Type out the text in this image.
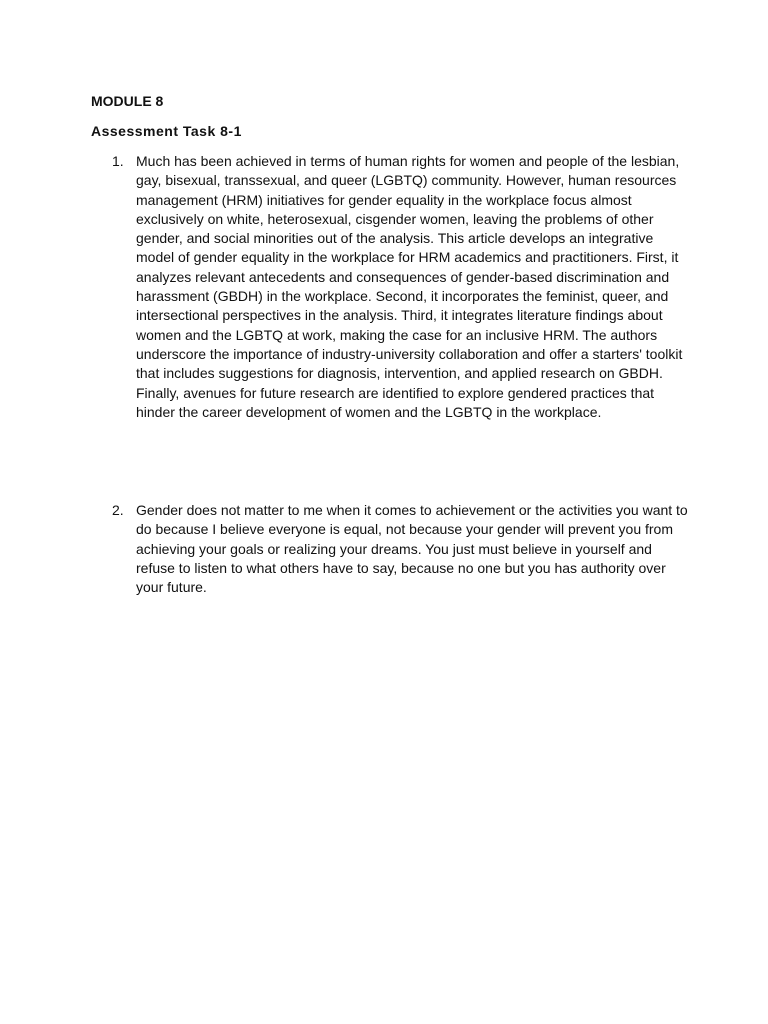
MODULE 8
Assessment Task 8-1
1. Much has been achieved in terms of human rights for women and people of the lesbian, gay, bisexual, transsexual, and queer (LGBTQ) community. However, human resources management (HRM) initiatives for gender equality in the workplace focus almost exclusively on white, heterosexual, cisgender women, leaving the problems of other gender, and social minorities out of the analysis. This article develops an integrative model of gender equality in the workplace for HRM academics and practitioners. First, it analyzes relevant antecedents and consequences of gender-based discrimination and harassment (GBDH) in the workplace. Second, it incorporates the feminist, queer, and intersectional perspectives in the analysis. Third, it integrates literature findings about women and the LGBTQ at work, making the case for an inclusive HRM. The authors underscore the importance of industry-university collaboration and offer a starters' toolkit that includes suggestions for diagnosis, intervention, and applied research on GBDH. Finally, avenues for future research are identified to explore gendered practices that hinder the career development of women and the LGBTQ in the workplace.
2. Gender does not matter to me when it comes to achievement or the activities you want to do because I believe everyone is equal, not because your gender will prevent you from achieving your goals or realizing your dreams. You just must believe in yourself and refuse to listen to what others have to say, because no one but you has authority over your future.
